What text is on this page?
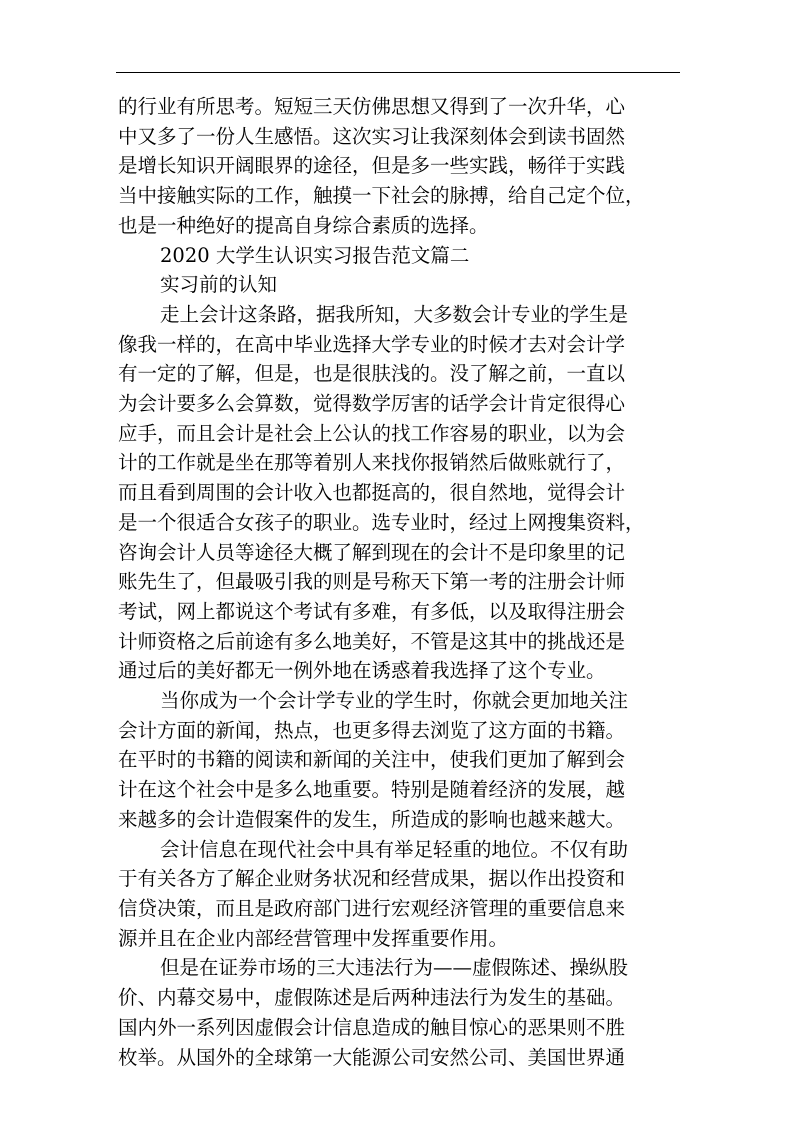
的行业有所思考。短短三天仿佛思想又得到了一次升华，心
中又多了一份人生感悟。这次实习让我深刻体会到读书固然
是增长知识开阔眼界的途径，但是多一些实践，畅徉于实践
当中接触实际的工作，触摸一下社会的脉搏，给自己定个位，
也是一种绝好的提高自身综合素质的选择。

2020 大学生认识实习报告范文篇二

实习前的认知

走上会计这条路，据我所知，大多数会计专业的学生是
像我一样的，在高中毕业选择大学专业的时候才去对会计学
有一定的了解，但是，也是很肤浅的。没了解之前，一直以
为会计要多么会算数，觉得数学厉害的话学会计肯定很得心
应手，而且会计是社会上公认的找工作容易的职业，以为会
计的工作就是坐在那等着别人来找你报销然后做账就行了，
而且看到周围的会计收入也都挺高的，很自然地，觉得会计
是一个很适合女孩子的职业。选专业时，经过上网搜集资料，
咨询会计人员等途径大概了解到现在的会计不是印象里的记
账先生了，但最吸引我的则是号称天下第一考的注册会计师
考试，网上都说这个考试有多难，有多低，以及取得注册会
计师资格之后前途有多么地美好，不管是这其中的挑战还是
通过后的美好都无一例外地在诱惑着我选择了这个专业。

当你成为一个会计学专业的学生时，你就会更加地关注
会计方面的新闻，热点，也更多得去浏览了这方面的书籍。
在平时的书籍的阅读和新闻的关注中，使我们更加了解到会
计在这个社会中是多么地重要。特别是随着经济的发展，越
来越多的会计造假案件的发生，所造成的影响也越来越大。

会计信息在现代社会中具有举足轻重的地位。不仅有助
于有关各方了解企业财务状况和经营成果，据以作出投资和
信贷决策，而且是政府部门进行宏观经济管理的重要信息来
源并且在企业内部经营管理中发挥重要作用。

但是在证券市场的三大违法行为——虚假陈述、操纵股
价、内幕交易中，虚假陈述是后两种违法行为发生的基础。
国内外一系列因虚假会计信息造成的触目惊心的恶果则不胜
枚举。从国外的全球第一大能源公司安然公司、美国世界通
